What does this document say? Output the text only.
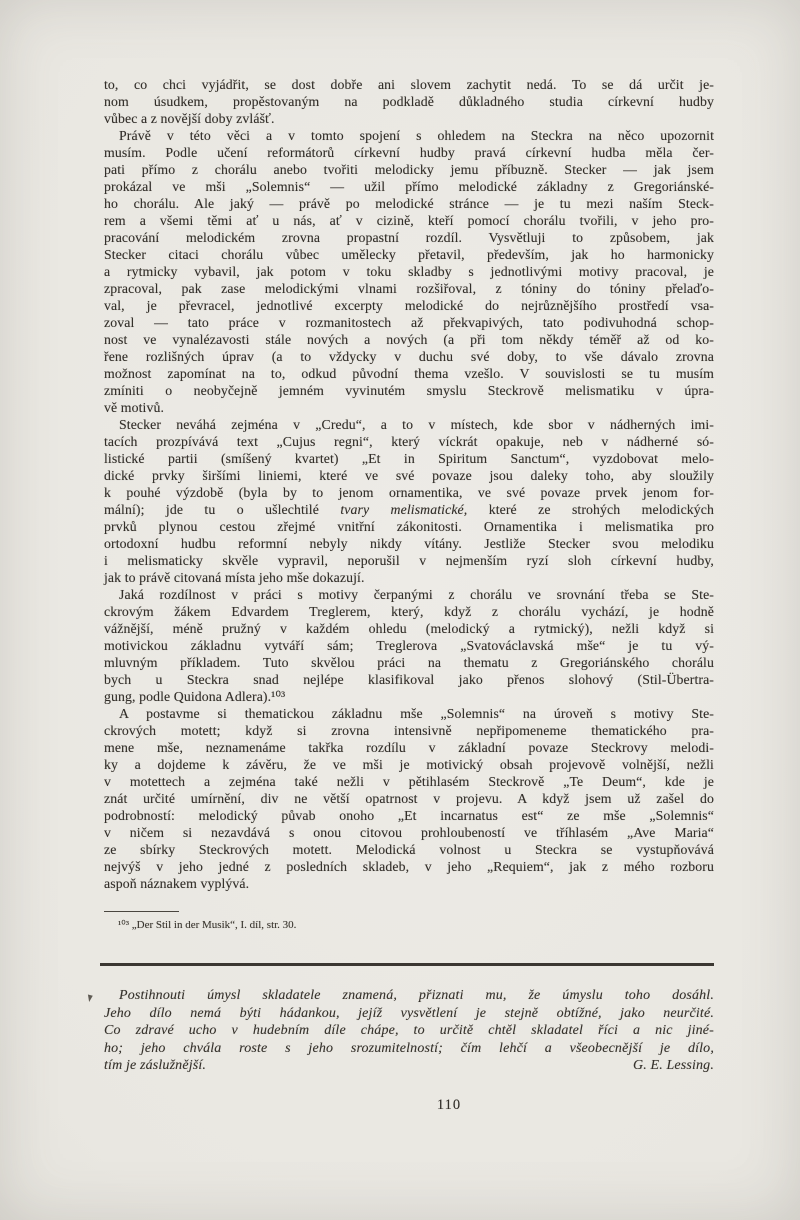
to, co chci vyjádřit, se dost dobře ani slovem zachytit nedá. To se dá určit je-
nom úsudkem, propěstovaným na podkladě důkladného studia církevní hudby
vůbec a z novější doby zvlášť.
Právě v této věci a v tomto spojení s ohledem na Steckra na něco upozornit
musím. Podle učení reformátorů církevní hudby pravá církevní hudba měla čer-
pati přímo z chorálu anebo tvořiti melodicky jemu příbuzně. Stecker — jak jsem
prokázal ve mši „Solemnis“ — užil přímo melodické základny z Gregoriánské-
ho chorálu. Ale jaký — právě po melodické stránce — je tu mezi naším Steck-
rem a všemi těmi ať u nás, ať v cizině, kteří pomocí chorálu tvořili, v jeho pro-
pracování melodickém zrovna propastní rozdíl. Vysvětluji to způsobem, jak
Stecker citaci chorálu vůbec umělecky přetavil, především, jak ho harmonicky
a rytmicky vybavil, jak potom v toku skladby s jednotlivými motivy pracoval, je
zpracoval, pak zase melodickými vlnami rozšiřoval, z tóniny do tóniny přelaďo-
val, je převracel, jednotlivé excerpty melodické do nejrůznějšího prostředí vsa-
zoval — tato práce v rozmanitostech až překvapivých, tato podivuhodná schop-
nost ve vynalézavosti stále nových a nových (a při tom někdy téměř až od ko-
řene rozlišných úprav (a to vždycky v duchu své doby, to vše dávalo zrovna
možnost zapomínat na to, odkud původní thema vzešlo. V souvislosti se tu musím
zmíniti o neobyčejně jemném vyvinutém smyslu Steckrově melismatiku v úpra-
vě motivů.
Stecker neváhá zejména v „Credu“, a to v místech, kde sbor v nádherných imi-
tacích prozpívává text „Cujus regni“, který víckrát opakuje, neb v nádherné só-
listické partii (smíšený kvartet) „Et in Spiritum Sanctum“, vyzdobovat melo-
dické prvky širšími liniemi, které ve své povaze jsou daleky toho, aby sloužily
k pouhé výzdobě (byla by to jenom ornamentika, ve své povaze prvek jenom for-
mální); jde tu o ušlechtilé tvary melismatické, které ze strohých melodických
prvků plynou cestou zřejmé vnitřní zákonitosti. Ornamentika i melismatika pro
ortodoxní hudbu reformní nebyly nikdy vítány. Jestliže Stecker svou melodiku
i melismaticky skvěle vypravil, neporušil v nejmenším ryzí sloh církevní hudby,
jak to právě citovaná místa jeho mše dokazují.
Jaká rozdílnost v práci s motivy čerpanými z chorálu ve srovnání třeba se Ste-
ckrovým žákem Edvardem Treglerem, který, když z chorálu vychází, je hodně
vážnější, méně pružný v každém ohledu (melodický a rytmický), nežli když si
motivickou základnu vytváří sám; Treglerova „Svatováclavská mše“ je tu vý-
mluvným příkladem. Tuto skvělou práci na thematu z Gregoriánského chorálu
bych u Steckra snad nejlépe klasifikoval jako přenos slohový (Stil-Übertra-
gung, podle Quidona Adlera).¹⁰³
A postavme si thematickou základnu mše „Solemnis“ na úroveň s motivy Ste-
ckrových motett; když si zrovna intensivně nepřipomeneme thematického pra-
mene mše, neznamenáme takřka rozdílu v základní povaze Steckrovy melodi-
ky a dojdeme k závěru, že ve mši je motivický obsah projevově volnější, nežli
v motettech a zejména také nežli v pětihlasém Steckrově „Te Deum“, kde je
znát určité umírnění, div ne větší opatrnost v projevu. A když jsem už zašel do
podrobností: melodický půvab onoho „Et incarnatus est“ ze mše „Solemnis“
v ničem si nezavdává s onou citovou prohloubeností ve tříhlasém „Ave Maria“
ze sbírky Steckrových motett. Melodická volnost u Steckra se vystupňovává
nejvýš v jeho jedné z posledních skladeb, v jeho „Requiem“, jak z mého rozboru
aspoň náznakem vyplývá.
¹⁰³ „Der Stil in der Musik“, I. díl, str. 30.
Postihnouti úmysl skladatele znamená, přiznati mu, že úmyslu toho dosáhl.
Jeho dílo nemá býti hádankou, jejíž vysvětlení je stejně obtížné, jako neurčité.
Co zdravé ucho v hudebním díle chápe, to určitě chtěl skladatel říci a nic jiné-
ho; jeho chvála roste s jeho srozumitelností; čím lehčí a všeobecnější je dílo,
tím je záslužnější.	G. E. Lessing.
110
